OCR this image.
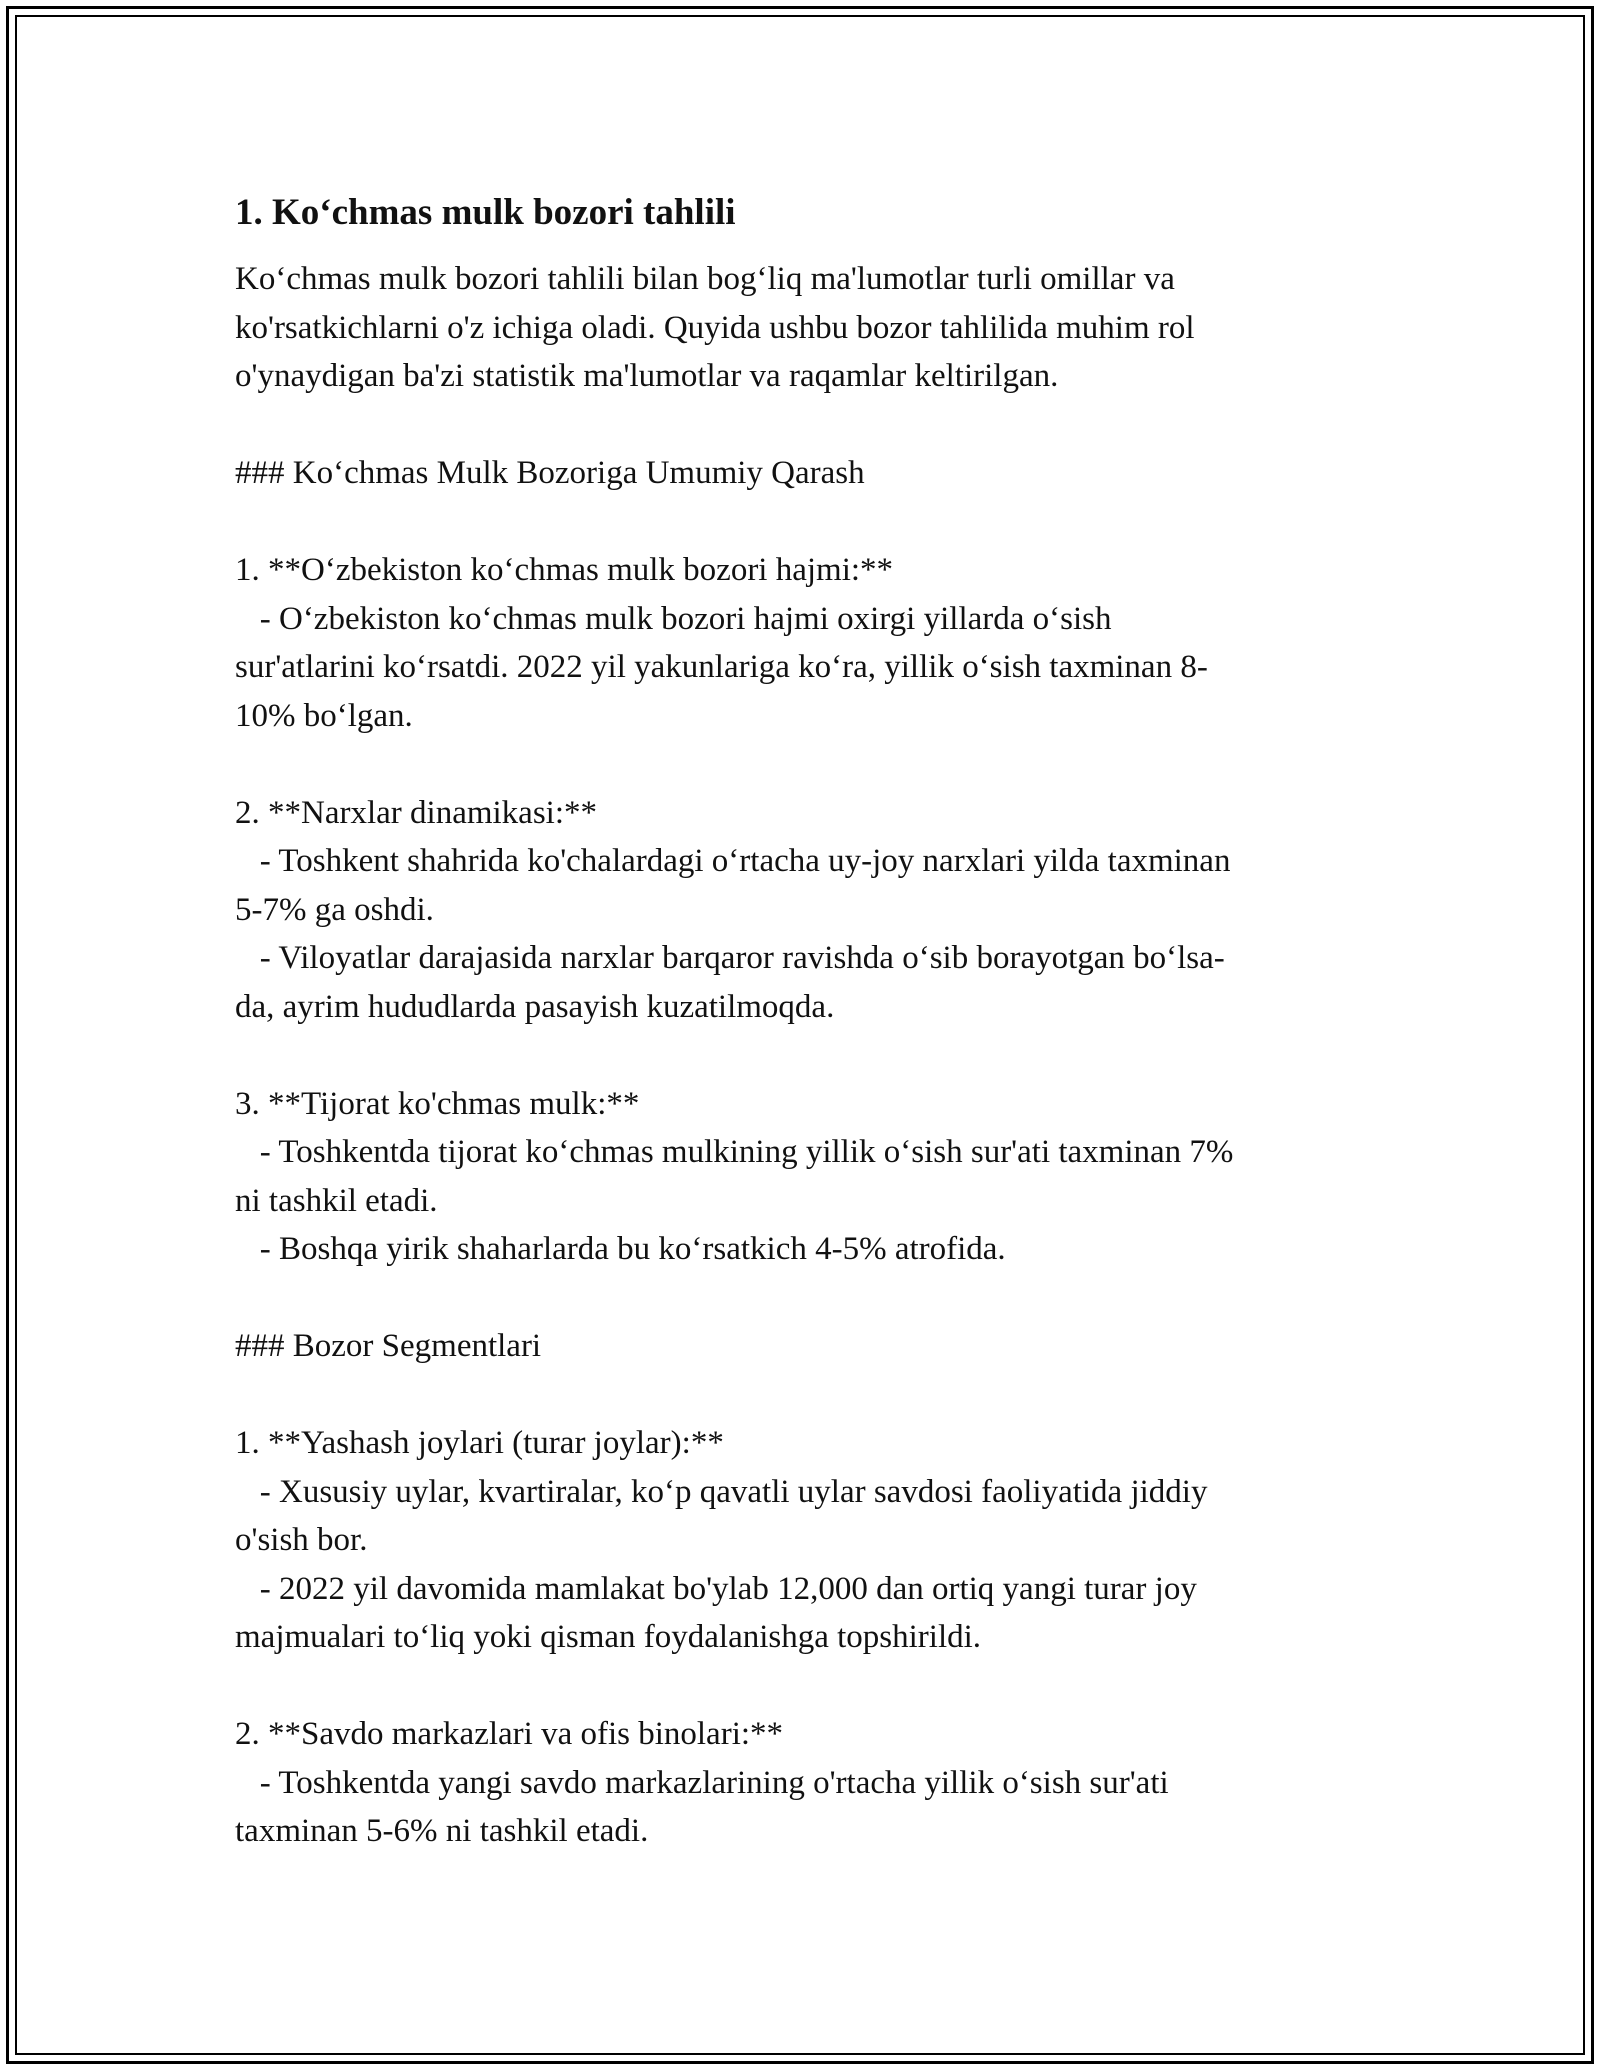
1. Ko‘chmas mulk bozori tahlili

Ko‘chmas mulk bozori tahlili bilan bog‘liq ma'lumotlar turli omillar va

ko'rsatkichlarni o'z ichiga oladi. Quyida ushbu bozor tahlilida muhim rol

o'ynaydigan ba'zi statistik ma'lumotlar va raqamlar keltirilgan.

### Ko‘chmas Mulk Bozoriga Umumiy Qarash

1. **O‘zbekiston ko‘chmas mulk bozori hajmi:**

- O‘zbekiston ko‘chmas mulk bozori hajmi oxirgi yillarda o‘sish

sur'atlarini ko‘rsatdi. 2022 yil yakunlariga ko‘ra, yillik o‘sish taxminan 8-

10% bo‘lgan.

2. **Narxlar dinamikasi:**

- Toshkent shahrida ko'chalardagi o‘rtacha uy-joy narxlari yilda taxminan

5-7% ga oshdi.

- Viloyatlar darajasida narxlar barqaror ravishda o‘sib borayotgan bo‘lsa-

da, ayrim hududlarda pasayish kuzatilmoqda.

3. **Tijorat ko'chmas mulk:**

- Toshkentda tijorat ko‘chmas mulkining yillik o‘sish sur'ati taxminan 7%

ni tashkil etadi.

- Boshqa yirik shaharlarda bu ko‘rsatkich 4-5% atrofida.

### Bozor Segmentlari

1. **Yashash joylari (turar joylar):**

- Xususiy uylar, kvartiralar, ko‘p qavatli uylar savdosi faoliyatida jiddiy

o'sish bor.

- 2022 yil davomida mamlakat bo'ylab 12,000 dan ortiq yangi turar joy

majmualari to‘liq yoki qisman foydalanishga topshirildi.

2. **Savdo markazlari va ofis binolari:**

- Toshkentda yangi savdo markazlarining o'rtacha yillik o‘sish sur'ati

taxminan 5-6% ni tashkil etadi.
